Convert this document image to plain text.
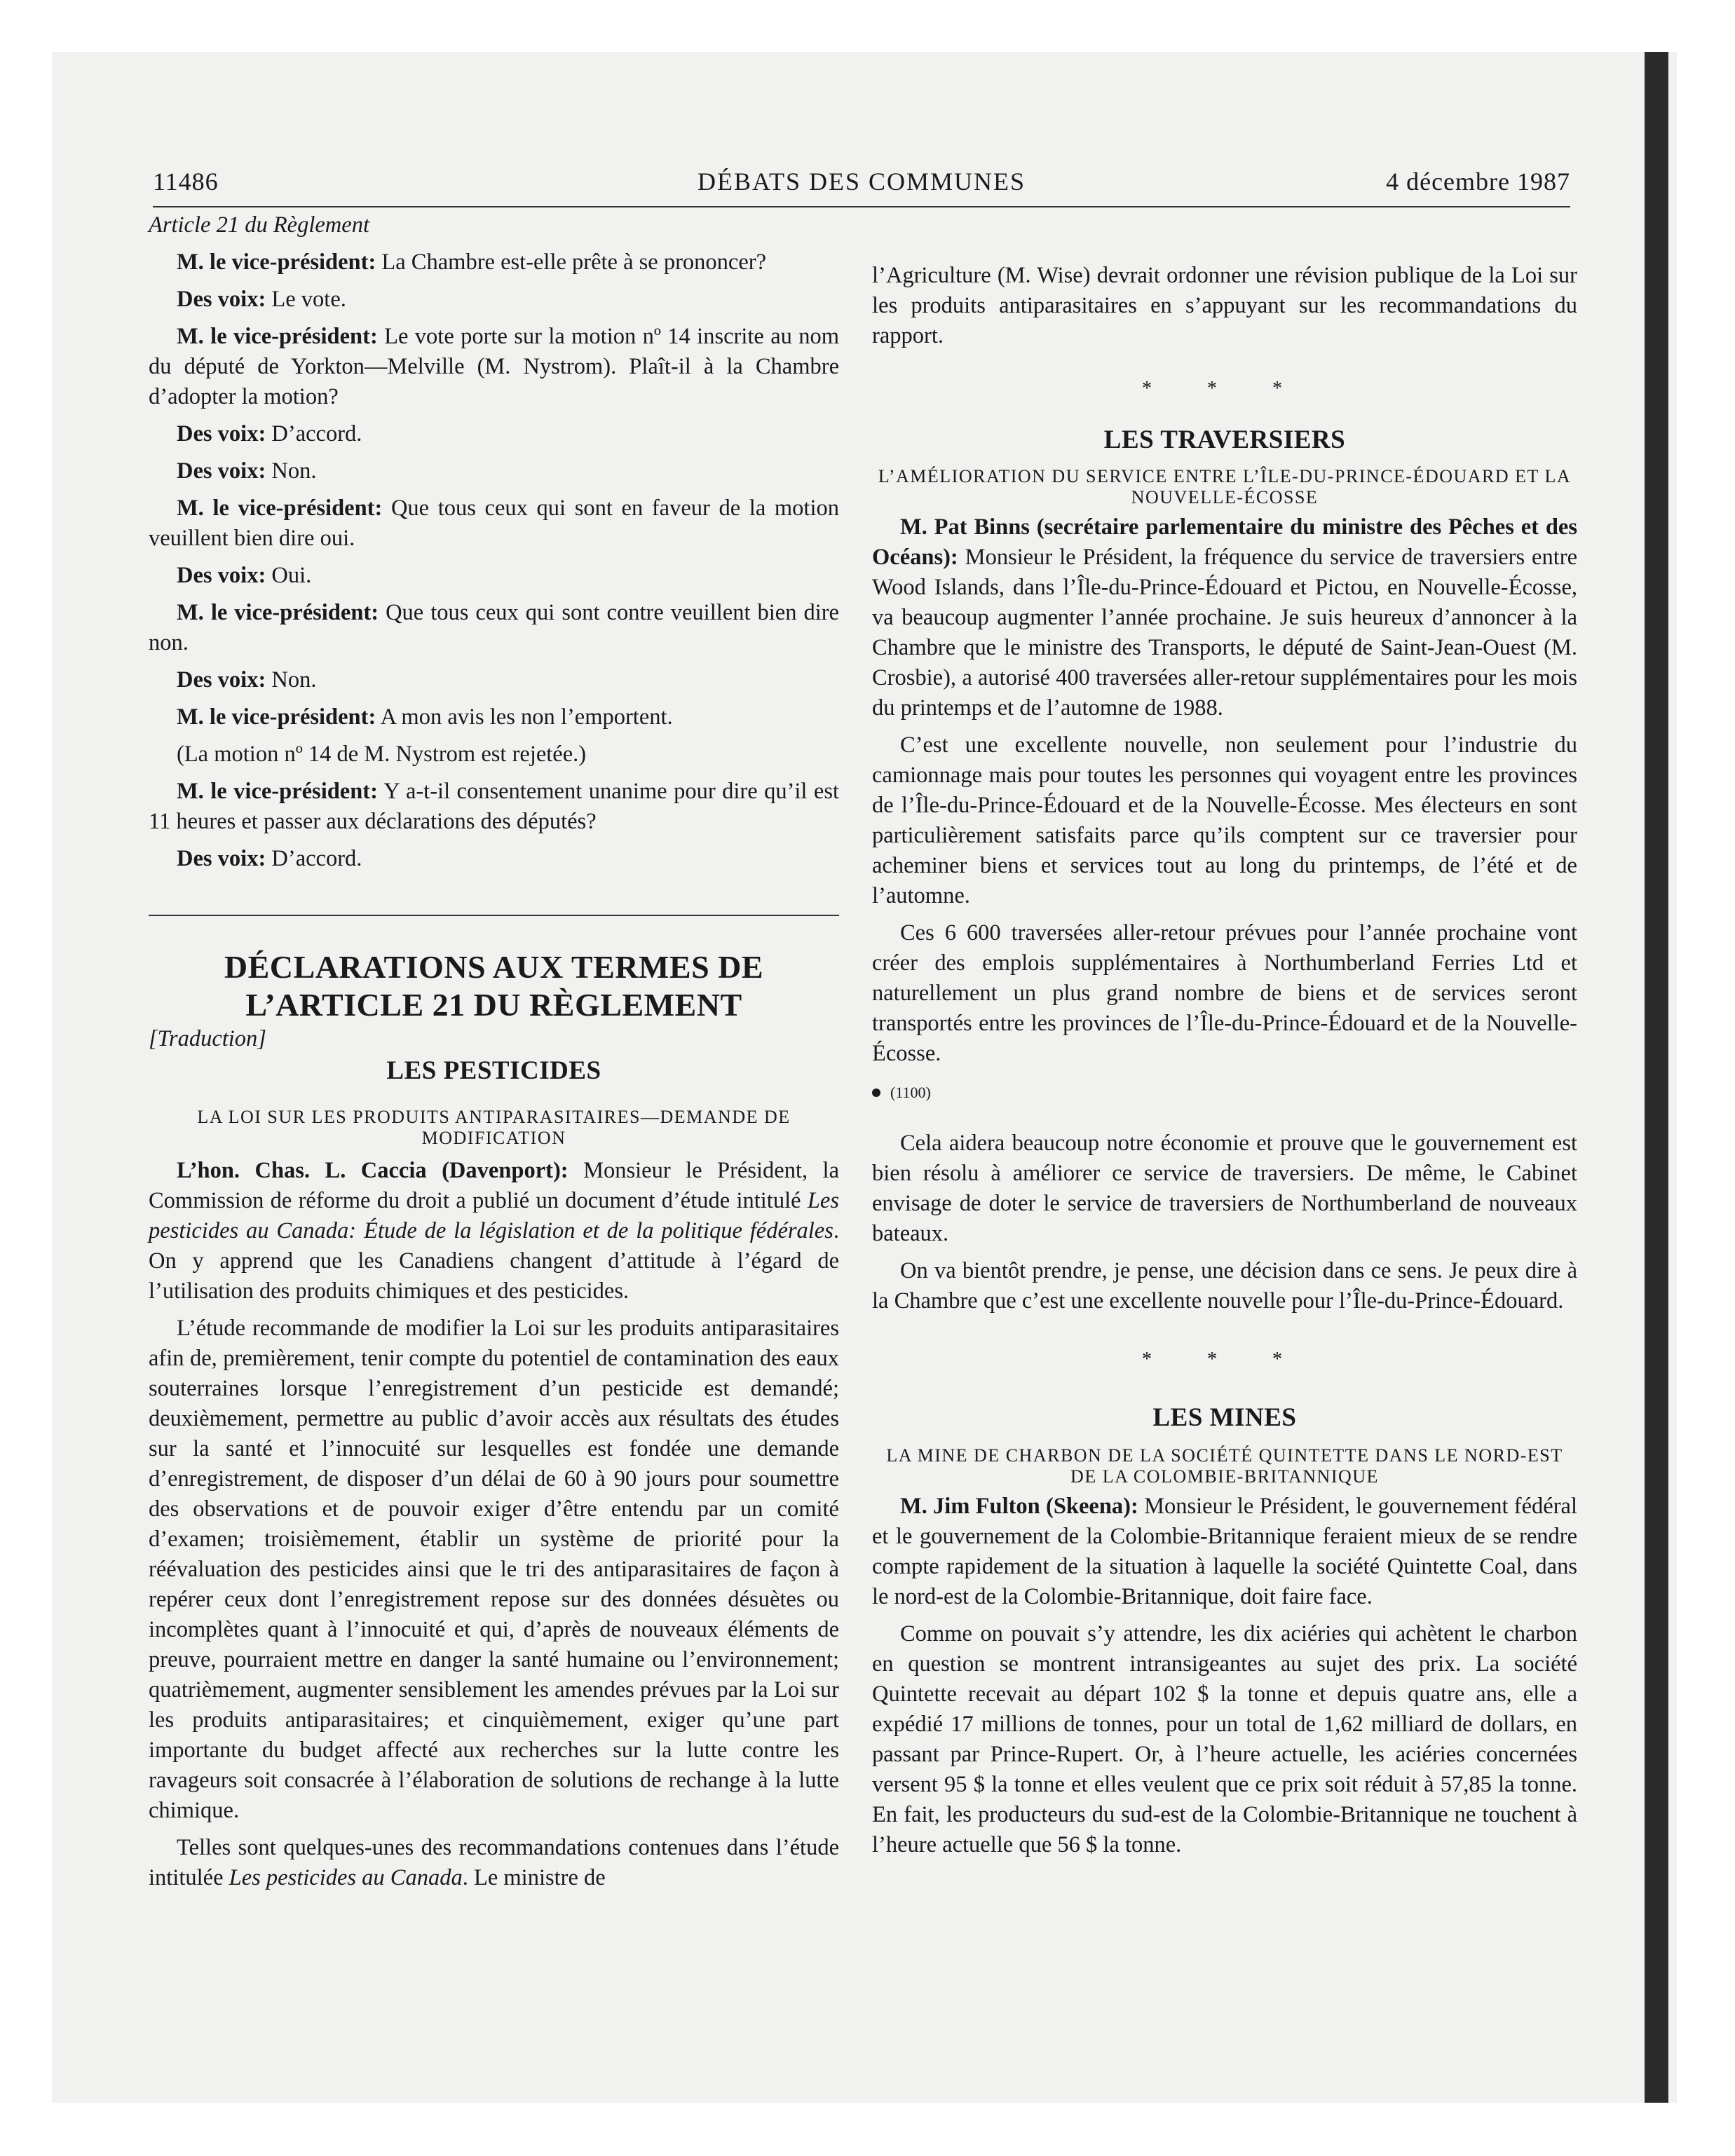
11486	DÉBATS DES COMMUNES	4 décembre 1987

Article 21 du Règlement

M. le vice-président: La Chambre est-elle prête à se prononcer?

Des voix: Le vote.

M. le vice-président: Le vote porte sur la motion nº 14 inscrite au nom du député de Yorkton—Melville (M. Nystrom). Plaît-il à la Chambre d’adopter la motion?

Des voix: D’accord.

Des voix: Non.

M. le vice-président: Que tous ceux qui sont en faveur de la motion veuillent bien dire oui.

Des voix: Oui.

M. le vice-président: Que tous ceux qui sont contre veuillent bien dire non.

Des voix: Non.

M. le vice-président: A mon avis les non l’emportent.

(La motion nº 14 de M. Nystrom est rejetée.)

M. le vice-président: Y a-t-il consentement unanime pour dire qu’il est 11 heures et passer aux déclarations des députés?

Des voix: D’accord.

DÉCLARATIONS AUX TERMES DE
L’ARTICLE 21 DU RÈGLEMENT

[Traduction]

LES PESTICIDES
LA LOI SUR LES PRODUITS ANTIPARASITAIRES—DEMANDE DE MODIFICATION

L’hon. Chas. L. Caccia (Davenport): Monsieur le Président, la Commission de réforme du droit a publié un document d’étude intitulé Les pesticides au Canada: Étude de la législation et de la politique fédérales. On y apprend que les Canadiens changent d’attitude à l’égard de l’utilisation des produits chimiques et des pesticides.

L’étude recommande de modifier la Loi sur les produits antiparasitaires afin de, premièrement, tenir compte du potentiel de contamination des eaux souterraines lorsque l’enregistrement d’un pesticide est demandé; deuxièmement, permettre au public d’avoir accès aux résultats des études sur la santé et l’innocuité sur lesquelles est fondée une demande d’enregistrement, de disposer d’un délai de 60 à 90 jours pour soumettre des observations et de pouvoir exiger d’être entendu par un comité d’examen; troisièmement, établir un système de priorité pour la réévaluation des pesticides ainsi que le tri des antiparasitaires de façon à repérer ceux dont l’enregistrement repose sur des données désuètes ou incomplètes quant à l’innocuité et qui, d’après de nouveaux éléments de preuve, pourraient mettre en danger la santé humaine ou l’environnement; quatrièmement, augmenter sensiblement les amendes prévues par la Loi sur les produits antiparasitaires; et cinquièmement, exiger qu’une part importante du budget affecté aux recherches sur la lutte contre les ravageurs soit consacrée à l’élaboration de solutions de rechange à la lutte chimique.

Telles sont quelques-unes des recommandations contenues dans l’étude intitulée Les pesticides au Canada. Le ministre de

l’Agriculture (M. Wise) devrait ordonner une révision publique de la Loi sur les produits antiparasitaires en s’appuyant sur les recommandations du rapport.

* * *
LES TRAVERSIERS
L’AMÉLIORATION DU SERVICE ENTRE L’ÎLE-DU-PRINCE-ÉDOUARD ET LA NOUVELLE-ÉCOSSE

M. Pat Binns (secrétaire parlementaire du ministre des Pêches et des Océans): Monsieur le Président, la fréquence du service de traversiers entre Wood Islands, dans l’Île-du-Prince-Édouard et Pictou, en Nouvelle-Écosse, va beaucoup augmenter l’année prochaine. Je suis heureux d’annoncer à la Chambre que le ministre des Transports, le député de Saint-Jean-Ouest (M. Crosbie), a autorisé 400 traversées aller-retour supplémentaires pour les mois du printemps et de l’automne de 1988.

C’est une excellente nouvelle, non seulement pour l’industrie du camionnage mais pour toutes les personnes qui voyagent entre les provinces de l’Île-du-Prince-Édouard et de la Nouvelle-Écosse. Mes électeurs en sont particulièrement satisfaits parce qu’ils comptent sur ce traversier pour acheminer biens et services tout au long du printemps, de l’été et de l’automne.

Ces 6 600 traversées aller-retour prévues pour l’année prochaine vont créer des emplois supplémentaires à Northumberland Ferries Ltd et naturellement un plus grand nombre de biens et de services seront transportés entre les provinces de l’Île-du-Prince-Édouard et de la Nouvelle-Écosse.

(1100)

Cela aidera beaucoup notre économie et prouve que le gouvernement est bien résolu à améliorer ce service de traversiers. De même, le Cabinet envisage de doter le service de traversiers de Northumberland de nouveaux bateaux.

On va bientôt prendre, je pense, une décision dans ce sens. Je peux dire à la Chambre que c’est une excellente nouvelle pour l’Île-du-Prince-Édouard.

* * *
LES MINES
LA MINE DE CHARBON DE LA SOCIÉTÉ QUINTETTE DANS LE NORD-EST DE LA COLOMBIE-BRITANNIQUE

M. Jim Fulton (Skeena): Monsieur le Président, le gouvernement fédéral et le gouvernement de la Colombie-Britannique feraient mieux de se rendre compte rapidement de la situation à laquelle la société Quintette Coal, dans le nord-est de la Colombie-Britannique, doit faire face.

Comme on pouvait s’y attendre, les dix aciéries qui achètent le charbon en question se montrent intransigeantes au sujet des prix. La société Quintette recevait au départ 102 $ la tonne et depuis quatre ans, elle a expédié 17 millions de tonnes, pour un total de 1,62 milliard de dollars, en passant par Prince-Rupert. Or, à l’heure actuelle, les aciéries concernées versent 95 $ la tonne et elles veulent que ce prix soit réduit à 57,85 la tonne. En fait, les producteurs du sud-est de la Colombie-Britannique ne touchent à l’heure actuelle que 56 $ la tonne.
